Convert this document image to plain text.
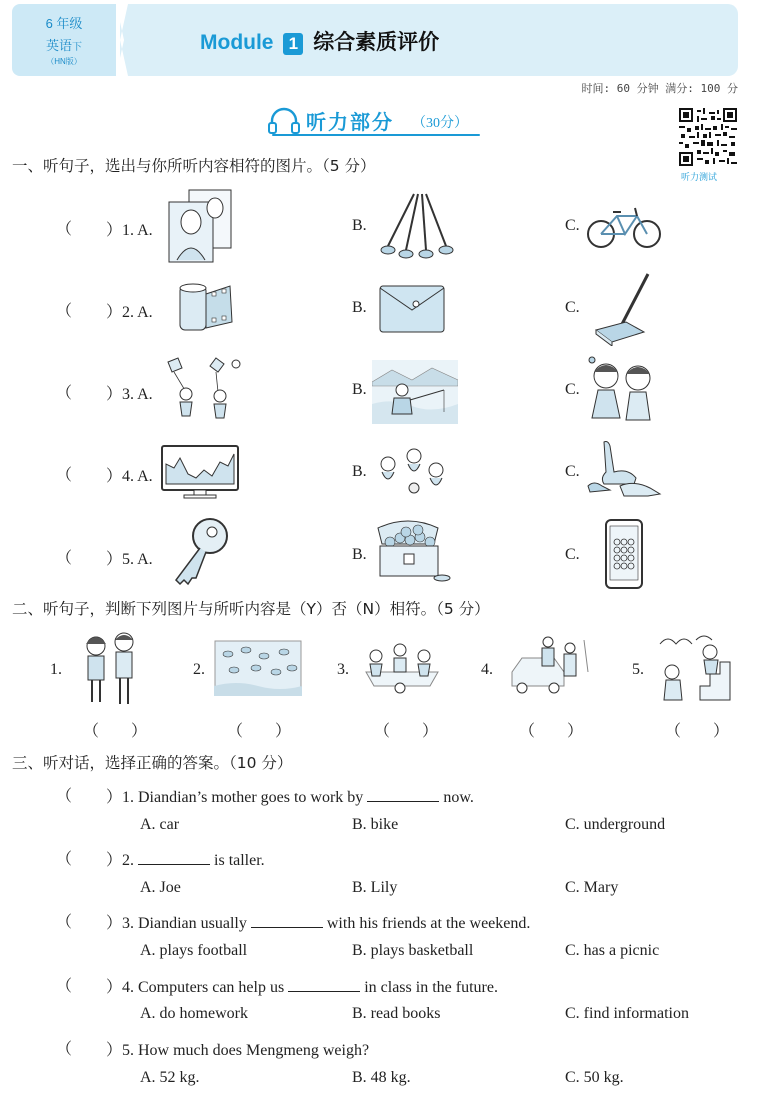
6 年级
英语下
（HN版）
Module 1 综合素质评价
时间: 60 分钟 满分: 100 分
听力部分 （30分）
听力测试
一、听句子，选出与你所听内容相符的图片。（5 分）
（ ）1. A.	B.	C.
（ ）2. A.	B.	C.
（ ）3. A.	B.	C.
（ ）4. A.	B.	C.
（ ）5. A.	B.	C.
二、听句子，判断下列图片与所听内容是（Y）否（N）相符。（5 分）
1.	2.	3.	4.	5.
（　　）	（　　）	（　　）	（　　）	（　　）
三、听对话，选择正确的答案。（10 分）
（ ）1. Diandian’s mother goes to work by	now.
A. car	B. bike	C. underground
（ ）2.	is taller.
A. Joe	B. Lily	C. Mary
（ ）3. Diandian usually	with his friends at the weekend.
A. plays football	B. plays basketball	C. has a picnic
（ ）4. Computers can help us	in class in the future.
A. do homework	B. read books	C. find information
（ ）5. How much does Mengmeng weigh?
A. 52 kg.	B. 48 kg.	C. 50 kg.
